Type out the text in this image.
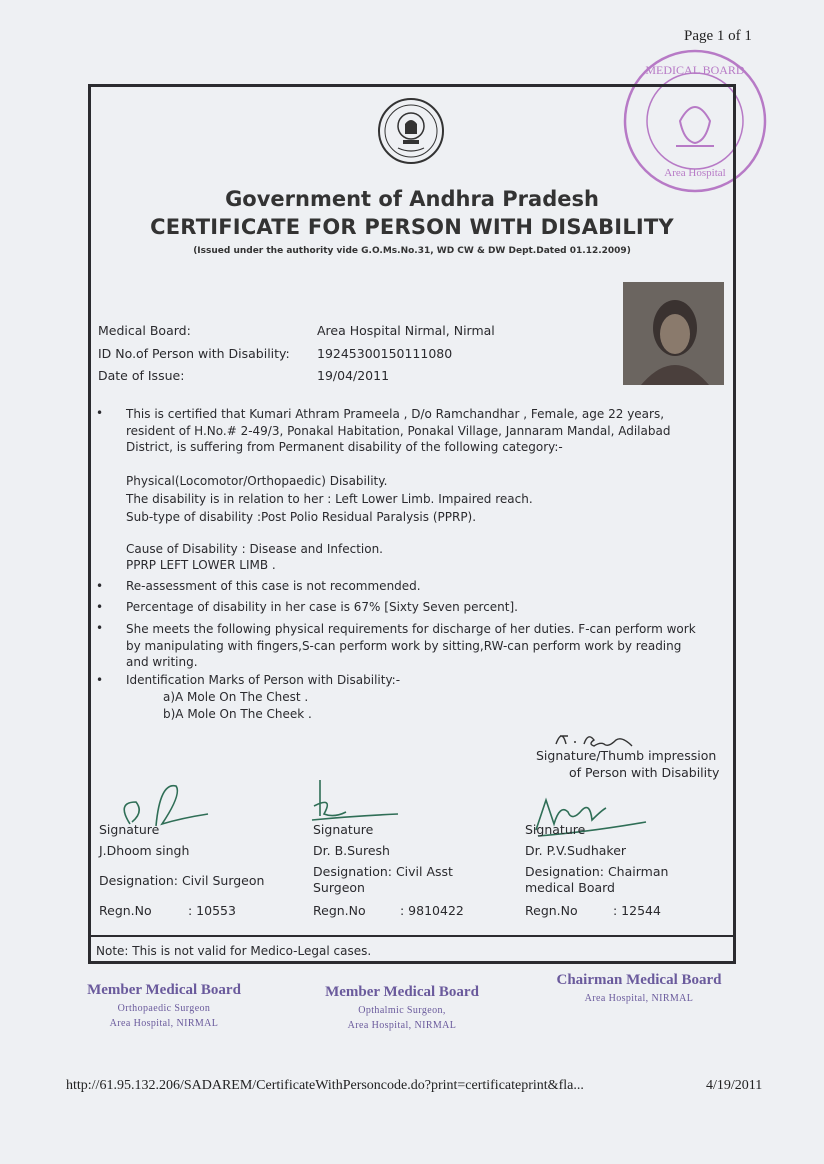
Page 1 of 1
MEDICAL BOARD
Area Hospital
Government of Andhra Pradesh
CERTIFICATE FOR PERSON WITH DISABILITY
(Issued under the authority vide G.O.Ms.No.31, WD CW & DW Dept.Dated 01.12.2009)
Medical Board:	Area Hospital Nirmal, Nirmal
ID No.of Person with Disability: 19245300150111080
Date of Issue:	19/04/2011
• This is certified that Kumari Athram Prameela , D/o Ramchandhar , Female, age 22 years, resident of H.No.# 2-49/3, Ponakal Habitation, Ponakal Village, Jannaram Mandal, Adilabad District, is suffering from Permanent disability of the following category:-
Physical(Locomotor/Orthopaedic) Disability.
The disability is in relation to her : Left Lower Limb. Impaired reach.
Sub-type of disability :Post Polio Residual Paralysis (PPRP).
Cause of Disability : Disease and Infection.
PPRP LEFT LOWER LIMB .
• Re-assessment of this case is not recommended.
• Percentage of disability in her case is 67% [Sixty Seven percent].
• She meets the following physical requirements for discharge of her duties. F-can perform work by manipulating with fingers,S-can perform work by sitting,RW-can perform work by reading and writing.
• Identification Marks of Person with Disability:-
a)A Mole On The Chest .
b)A Mole On The Cheek .
Signature/Thumb impression
of Person with Disability
Signature
J.Dhoom singh
Designation: Civil Surgeon
Regn.No	: 10553
Signature
Dr. B.Suresh
Designation: Civil Asst Surgeon
Regn.No	: 9810422
Signature
Dr. P.V.Sudhaker
Designation: Chairman medical Board
Regn.No	: 12544
Note: This is not valid for Medico-Legal cases.
Member Medical Board
Orthopaedic Surgeon
Area Hospital, NIRMAL
Member Medical Board
Opthalmic Surgeon,
Area Hospital, NIRMAL
Chairman Medical Board
Area Hospital, NIRMAL
http://61.95.132.206/SADAREM/CertificateWithPersoncode.do?print=certificateprint&fla...	4/19/2011
